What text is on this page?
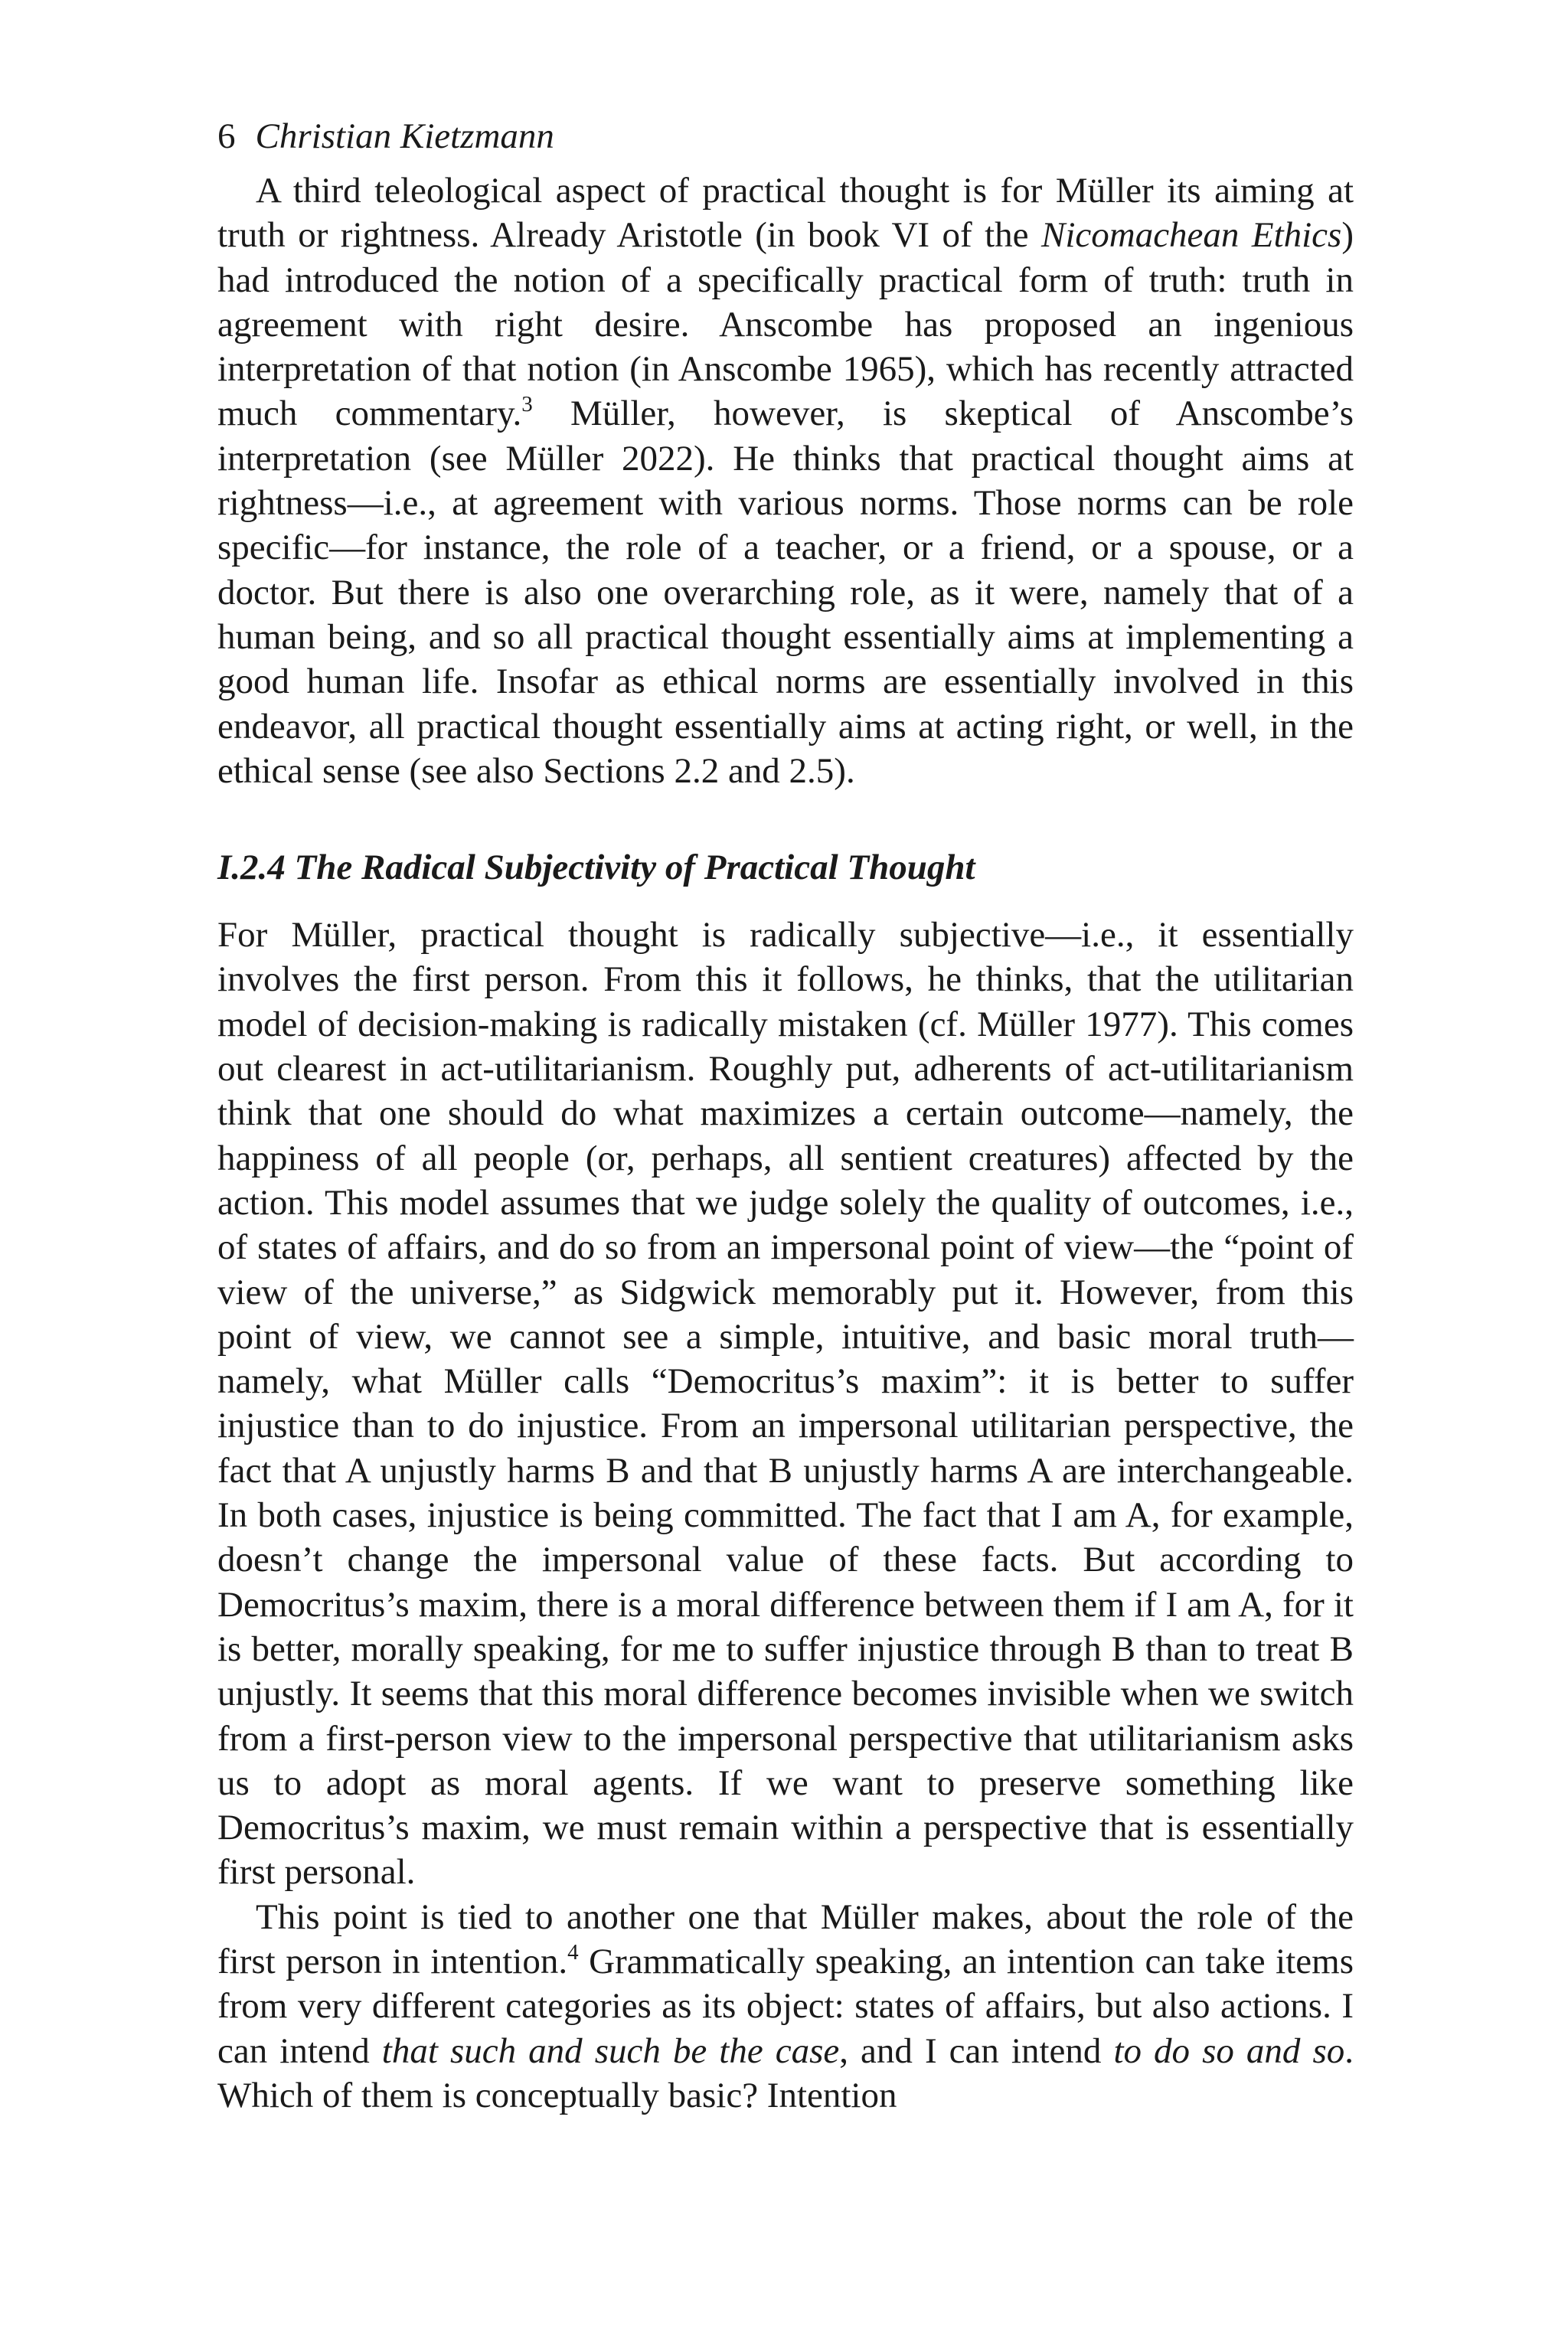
6 Christian Kietzmann

A third teleological aspect of practical thought is for Müller its aiming at truth or rightness. Already Aristotle (in book VI of the Nicomachean Ethics) had introduced the notion of a specifically practical form of truth: truth in agreement with right desire. Anscombe has proposed an ingenious interpretation of that notion (in Anscombe 1965), which has recently attracted much commentary.$^3$ Müller, however, is skeptical of Anscombe’s interpretation (see Müller 2022). He thinks that practical thought aims at rightness—i.e., at agreement with various norms. Those norms can be role specific—for instance, the role of a teacher, or a friend, or a spouse, or a doctor. But there is also one overarching role, as it were, namely that of a human being, and so all practical thought essentially aims at implementing a good human life. Insofar as ethical norms are essentially involved in this endeavor, all practical thought essentially aims at acting right, or well, in the ethical sense (see also Sections 2.2 and 2.5).

I.2.4 The Radical Subjectivity of Practical Thought

For Müller, practical thought is radically subjective—i.e., it essentially involves the first person. From this it follows, he thinks, that the utilitarian model of decision-making is radically mistaken (cf. Müller 1977). This comes out clearest in act-utilitarianism. Roughly put, adherents of act-utilitarianism think that one should do what maximizes a certain outcome—namely, the happiness of all people (or, perhaps, all sentient creatures) affected by the action. This model assumes that we judge solely the quality of outcomes, i.e., of states of affairs, and do so from an impersonal point of view—the “point of view of the universe,” as Sidgwick memorably put it. However, from this point of view, we cannot see a simple, intuitive, and basic moral truth—namely, what Müller calls “Democritus’s maxim”: it is better to suffer injustice than to do injustice. From an impersonal utilitarian perspective, the fact that A unjustly harms B and that B unjustly harms A are interchangeable. In both cases, injustice is being committed. The fact that I am A, for example, doesn’t change the impersonal value of these facts. But according to Democritus’s maxim, there is a moral difference between them if I am A, for it is better, morally speaking, for me to suffer injustice through B than to treat B unjustly. It seems that this moral difference becomes invisible when we switch from a first-person view to the impersonal perspective that utilitarianism asks us to adopt as moral agents. If we want to preserve something like Democritus’s maxim, we must remain within a perspective that is essentially first personal.

This point is tied to another one that Müller makes, about the role of the first person in intention.$^4$ Grammatically speaking, an intention can take items from very different categories as its object: states of affairs, but also actions. I can intend that such and such be the case, and I can intend to do so and so. Which of them is conceptually basic? Intention
